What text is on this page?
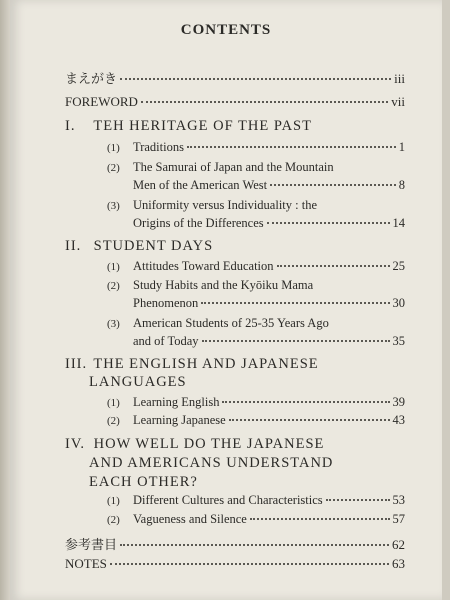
CONTENTS
まえがき	iii
FOREWORD	vii
I. TEH HERITAGE OF THE PAST
(1) Traditions	1
(2) The Samurai of Japan and the Mountain
Men of the American West	8
(3) Uniformity versus Individuality : the
Origins of the Differences	14
II. STUDENT DAYS
(1) Attitudes Toward Education	25
(2) Study Habits and the Kyōiku Mama
Phenomenon	30
(3) American Students of 25-35 Years Ago
and of Today	35
III. THE ENGLISH AND JAPANESE
LANGUAGES
(1) Learning English	39
(2) Learning Japanese	43
IV. HOW WELL DO THE JAPANESE
AND AMERICANS UNDERSTAND
EACH OTHER?
(1) Different Cultures and Characteristics	53
(2) Vagueness and Silence	57
参考書目	62
NOTES	63
